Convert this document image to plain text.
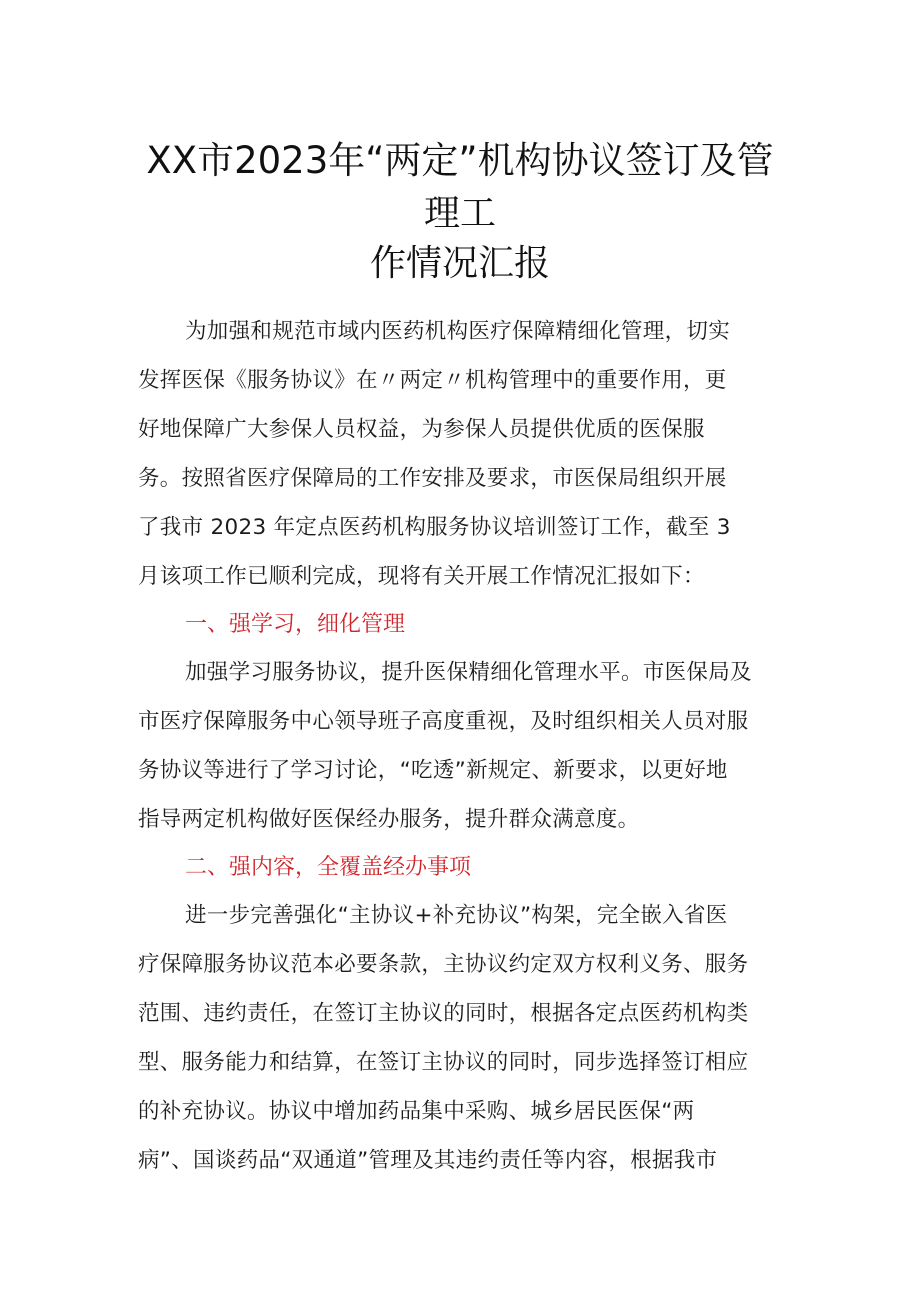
XX市2023年“两定”机构协议签订及管
理工
作情况汇报
为加强和规范市域内医药机构医疗保障精细化管理，切实
发挥医保《服务协议》在〃两定〃机构管理中的重要作用，更
好地保障广大参保人员权益，为参保人员提供优质的医保服
务。按照省医疗保障局的工作安排及要求，市医保局组织开展
了我市 2023 年定点医药机构服务协议培训签订工作，截至 3
月该项工作已顺利完成，现将有关开展工作情况汇报如下：
一、强学习，细化管理
加强学习服务协议，提升医保精细化管理水平。市医保局及
市医疗保障服务中心领导班子高度重视，及时组织相关人员对服
务协议等进行了学习讨论，“吃透”新规定、新要求，以更好地
指导两定机构做好医保经办服务，提升群众满意度。
二、强内容，全覆盖经办事项
进一步完善强化“主协议+补充协议”构架，完全嵌入省医
疗保障服务协议范本必要条款，主协议约定双方权利义务、服务
范围、违约责任，在签订主协议的同时，根据各定点医药机构类
型、服务能力和结算，在签订主协议的同时，同步选择签订相应
的补充协议。协议中增加药品集中采购、城乡居民医保“两
病”、国谈药品“双通道”管理及其违约责任等内容，根据我市
